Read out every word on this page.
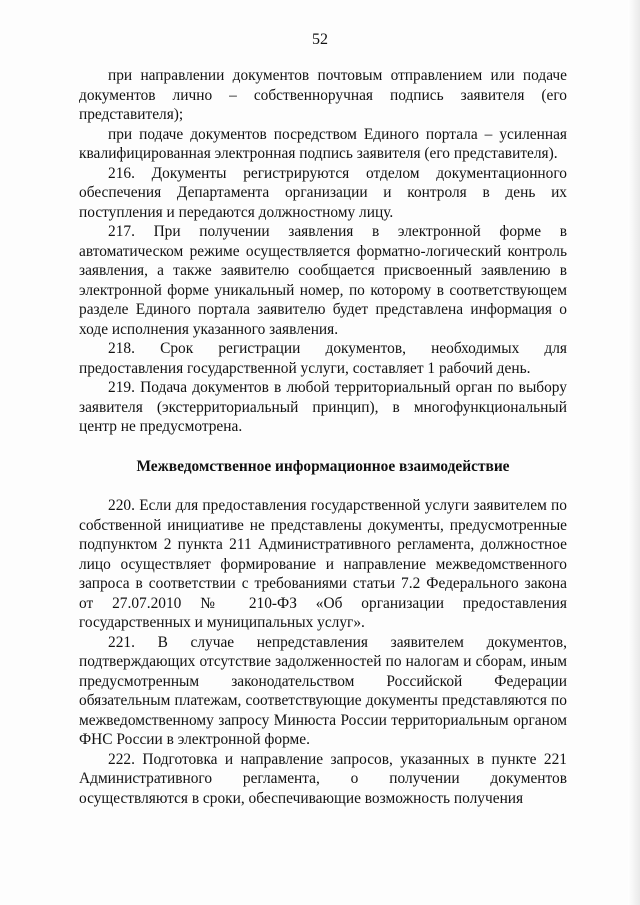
52

при направлении документов почтовым отправлением или подаче документов лично – собственноручная подпись заявителя (его представителя);

при подаче документов посредством Единого портала – усиленная квалифицированная электронная подпись заявителя (его представителя).

216. Документы регистрируются отделом документационного обеспечения Департамента организации и контроля в день их поступления и передаются должностному лицу.

217. При получении заявления в электронной форме в автоматическом режиме осуществляется форматно-логический контроль заявления, а также заявителю сообщается присвоенный заявлению в электронной форме уникальный номер, по которому в соответствующем разделе Единого портала заявителю будет представлена информация о ходе исполнения указанного заявления.

218. Срок регистрации документов, необходимых для предоставления государственной услуги, составляет 1 рабочий день.

219. Подача документов в любой территориальный орган по выбору заявителя (экстерриториальный принцип), в многофункциональный центр не предусмотрена.

Межведомственное информационное взаимодействие

220. Если для предоставления государственной услуги заявителем по собственной инициативе не представлены документы, предусмотренные подпунктом 2 пункта 211 Административного регламента, должностное лицо осуществляет формирование и направление межведомственного запроса в соответствии с требованиями статьи 7.2 Федерального закона от 27.07.2010 № 210-ФЗ «Об организации предоставления государственных и муниципальных услуг».

221. В случае непредставления заявителем документов, подтверждающих отсутствие задолженностей по налогам и сборам, иным предусмотренным законодательством Российской Федерации обязательным платежам, соответствующие документы представляются по межведомственному запросу Минюста России территориальным органом ФНС России в электронной форме.

222. Подготовка и направление запросов, указанных в пункте 221 Административного регламента, о получении документов осуществляются в сроки, обеспечивающие возможность получения
